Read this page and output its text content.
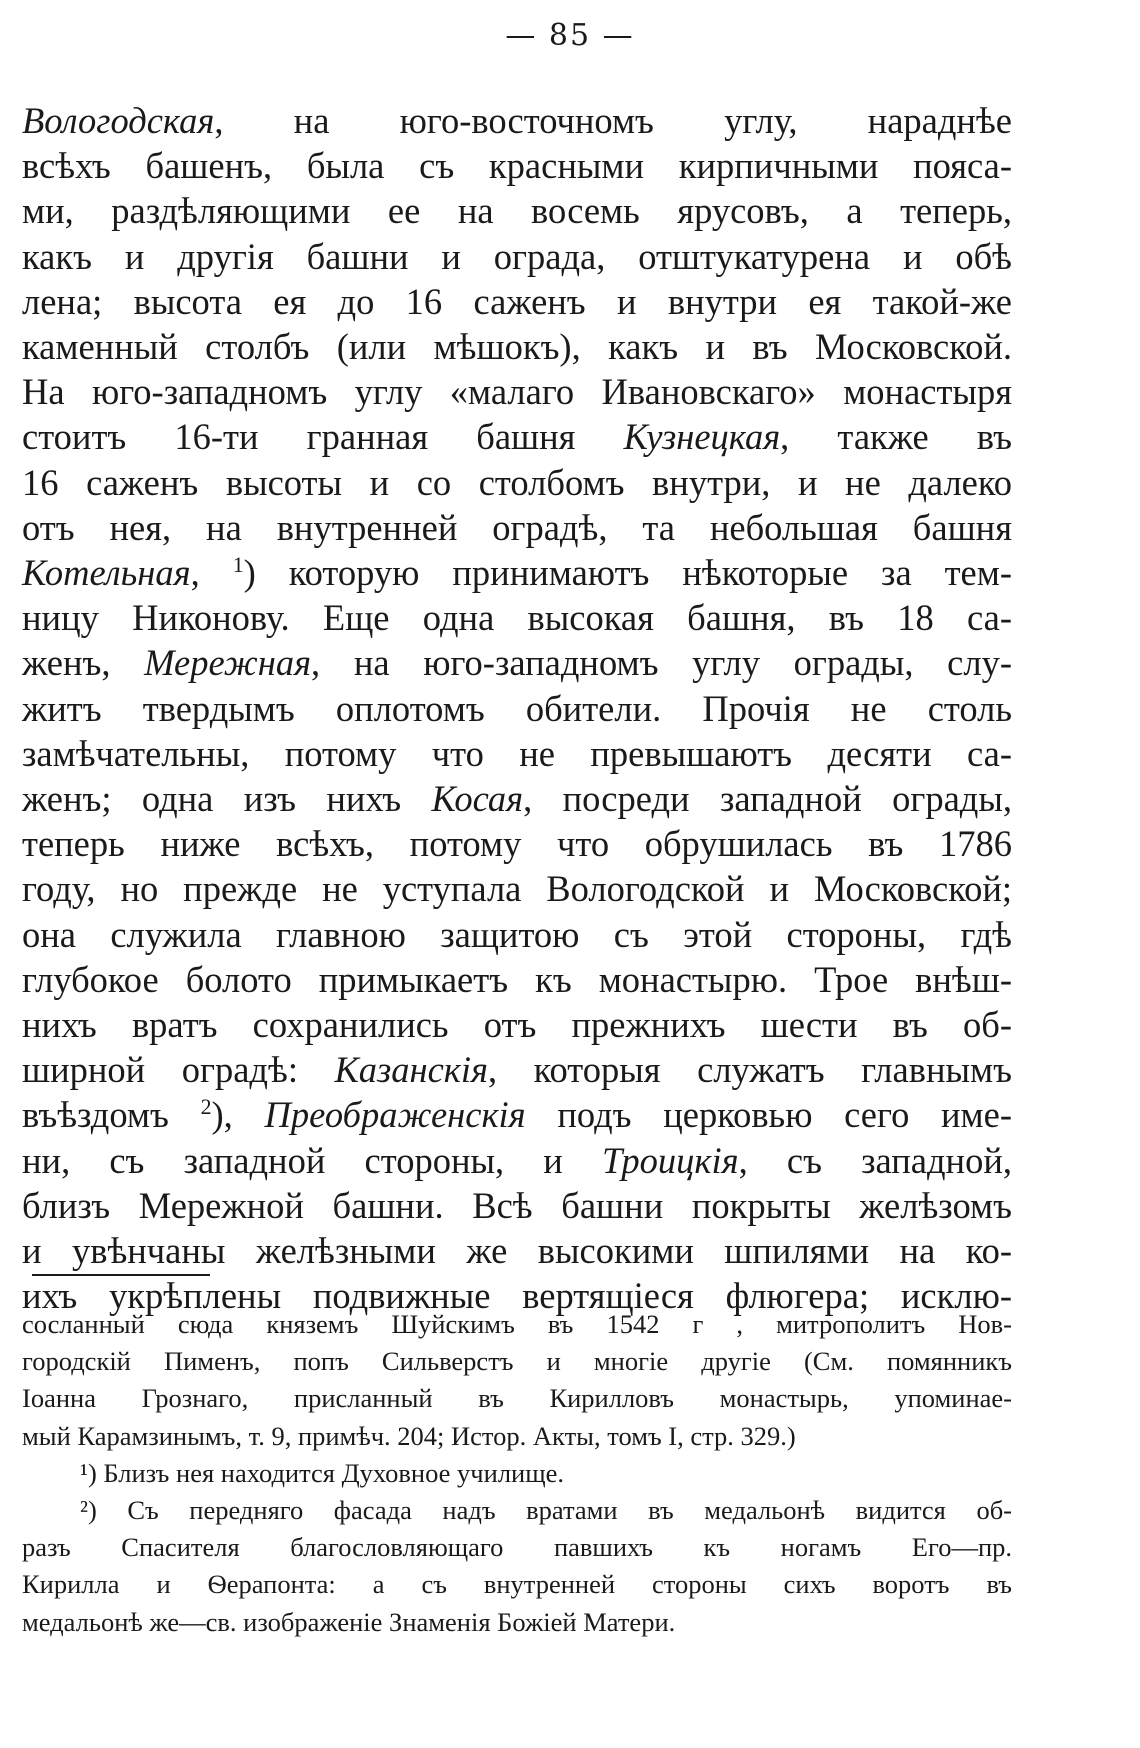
— 85 —
Вологодская, на юго-восточномъ углу, нараднѣе
всѣхъ башенъ, была съ красными кирпичными пояса-
ми, раздѣляющими ее на восемь ярусовъ, а теперь,
какъ и другія башни и ограда, отштукатурена и обѣ
лена; высота ея до 16 саженъ и внутри ея такой-же
каменный столбъ (или мѣшокъ), какъ и въ Московской.
На юго-западномъ углу «малаго Ивановскаго» монастыря
стоитъ 16-ти гранная башня Кузнецкая, также въ
16 саженъ высоты и со столбомъ внутри, и не далеко
отъ нея, на внутренней оградѣ, та небольшая башня
Котельная, $^1$) которую принимаютъ нѣкоторые за тем-
ницу Никонову. Еще одна высокая башня, въ 18 са-
женъ, Мережная, на юго-западномъ углу ограды, слу-
житъ твердымъ оплотомъ обители. Прочія не столь
замѣчательны, потому что не превышаютъ десяти са-
женъ; одна изъ нихъ Косая, посреди западной ограды,
теперь ниже всѣхъ, потому что обрушилась въ 1786
году, но прежде не уступала Вологодской и Московской;
она служила главною защитою съ этой стороны, гдѣ
глубокое болото примыкаетъ къ монастырю. Трое внѣш-
нихъ вратъ сохранились отъ прежнихъ шести въ об-
ширной оградѣ: Казанскія, которыя служатъ главнымъ
въѣздомъ $^2$), Преображенскія подъ церковью сего име-
ни, съ западной стороны, и Троицкія, съ западной,
близъ Мережной башни. Всѣ башни покрыты желѣзомъ
и увѣнчаны желѣзными же высокими шпилями на ко-
ихъ укрѣплены подвижные вертящіеся флюгера; исклю-
сосланный сюда княземъ Шуйскимъ въ 1542 г , митрополитъ Нов-
городскій Пименъ, попъ Сильверстъ и многіе другіе (См. помянникъ
Іоанна Грознаго, присланный въ Кирилловъ монастырь, упоминае-
мый Карамзинымъ, т. 9, примѣч. 204; Истор. Акты, томъ I, стр. 329.)
¹) Близъ нея находится Духовное училище.
²) Съ передняго фасада надъ вратами въ медальонѣ видится об-
разъ Спасителя благословляющаго павшихъ къ ногамъ Его—пр.
Кирилла и Ѳерапонта: а съ внутренней стороны сихъ воротъ въ
медальонѣ же—св. изображеніе Знаменія Божіей Матери.
